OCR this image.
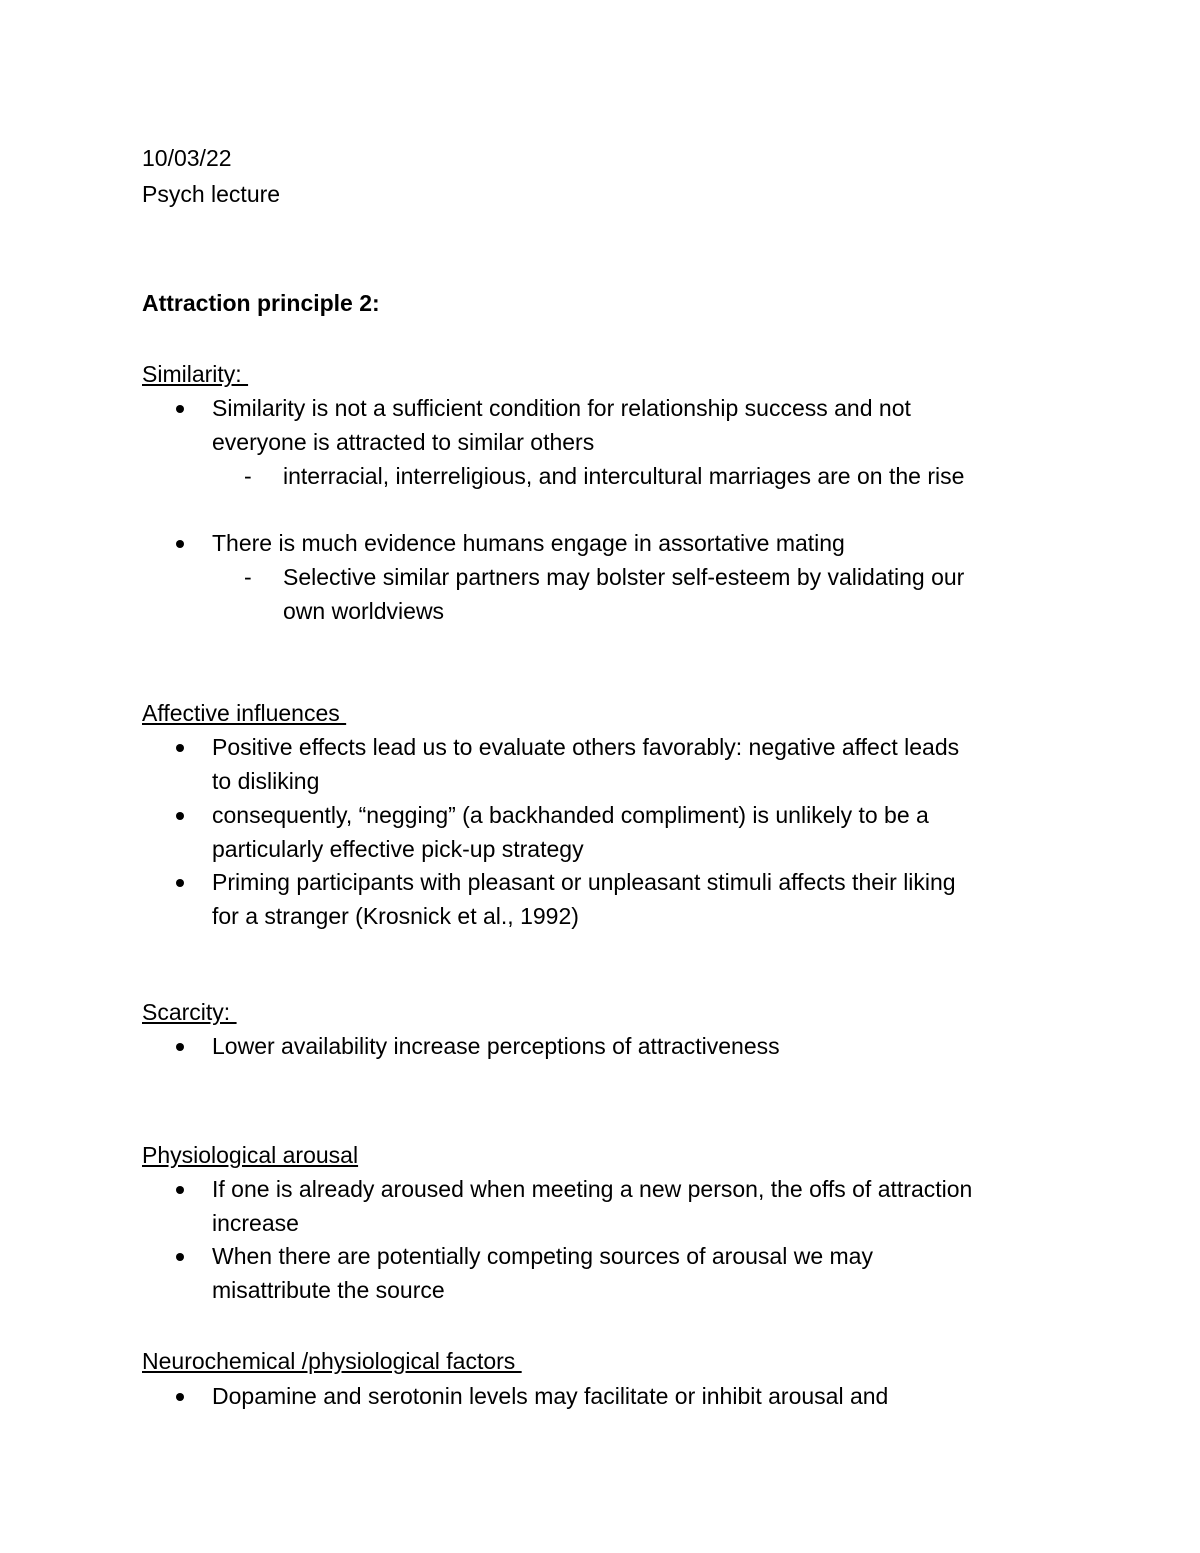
10/03/22
Psych lecture
Attraction principle 2:
Similarity:
Similarity is not a sufficient condition for relationship success and not
everyone is attracted to similar others
- interracial, interreligious, and intercultural marriages are on the rise
There is much evidence humans engage in assortative mating
- Selective similar partners may bolster self-esteem by validating our
own worldviews
Affective influences
Positive effects lead us to evaluate others favorably: negative affect leads
to disliking
consequently, “negging” (a backhanded compliment) is unlikely to be a
particularly effective pick-up strategy
Priming participants with pleasant or unpleasant stimuli affects their liking
for a stranger (Krosnick et al., 1992)
Scarcity:
Lower availability increase perceptions of attractiveness
Physiological arousal
If one is already aroused when meeting a new person, the offs of attraction
increase
When there are potentially competing sources of arousal we may
misattribute the source
Neurochemical /physiological factors
Dopamine and serotonin levels may facilitate or inhibit arousal and
